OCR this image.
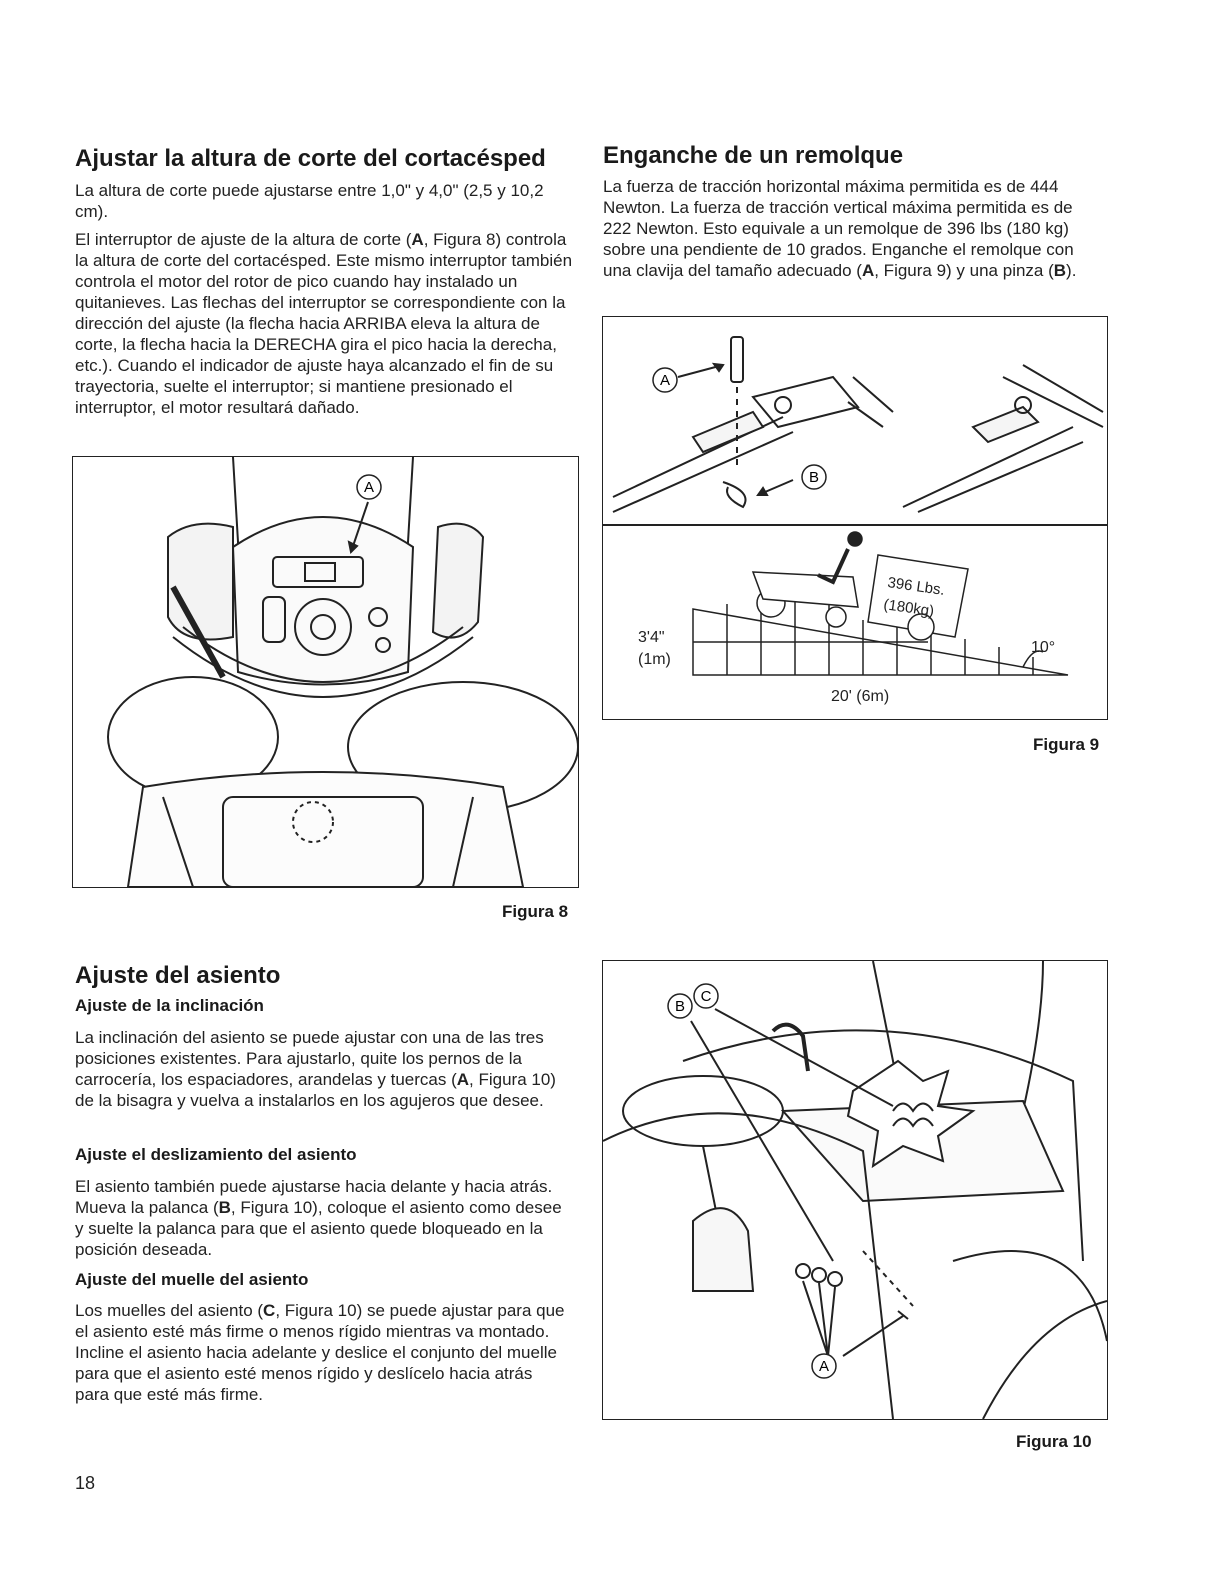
Ajustar la altura de corte del cortacésped

La altura de corte puede ajustarse entre 1,0" y 4,0" (2,5 y 10,2 cm).

El interruptor de ajuste de la altura de corte (A, Figura 8) controla la altura de corte del cortacésped. Este mismo interruptor también controla el motor del rotor de pico cuando hay instalado un quitanieves. Las flechas del interruptor se correspondiente con la dirección del ajuste (la flecha hacia ARRIBA eleva la altura de corte, la flecha hacia la DERECHA gira el pico hacia la derecha, etc.). Cuando el indicador de ajuste haya alcanzado el fin de su trayectoria, suelte el interruptor; si mantiene presionado el interruptor, el motor resultará dañado.

A
Figura 8
Ajuste del asiento
Ajuste de la inclinación

La inclinación del asiento se puede ajustar con una de las tres posiciones existentes. Para ajustarlo, quite los pernos de la carrocería, los espaciadores, arandelas y tuercas (A, Figura 10) de la bisagra y vuelva a instalarlos en los agujeros que desee.

Ajuste el deslizamiento del asiento

El asiento también puede ajustarse hacia delante y hacia atrás. Mueva la palanca (B, Figura 10), coloque el asiento como desee y suelte la palanca para que el asiento quede bloqueado en la posición deseada.

Ajuste del muelle del asiento

Los muelles del asiento (C, Figura 10) se puede ajustar para que el asiento esté más firme o menos rígido mientras va montado. Incline el asiento hacia adelante y deslice el conjunto del muelle para que el asiento esté menos rígido y deslícelo hacia atrás para que esté más firme.

Enganche de un remolque

La fuerza de tracción horizontal máxima permitida es de 444 Newton. La fuerza de tracción vertical máxima permitida es de 222 Newton. Esto equivale a un remolque de 396 lbs (180 kg) sobre una pendiente de 10 grados. Enganche el remolque con una clavija del tamaño adecuado (A, Figura 9) y una pinza (B).

A
B
396 Lbs.
(180kg)
3'4"
(1m)
20' (6m)
10°
Figura 9
B
C
A
Figura 10
18
